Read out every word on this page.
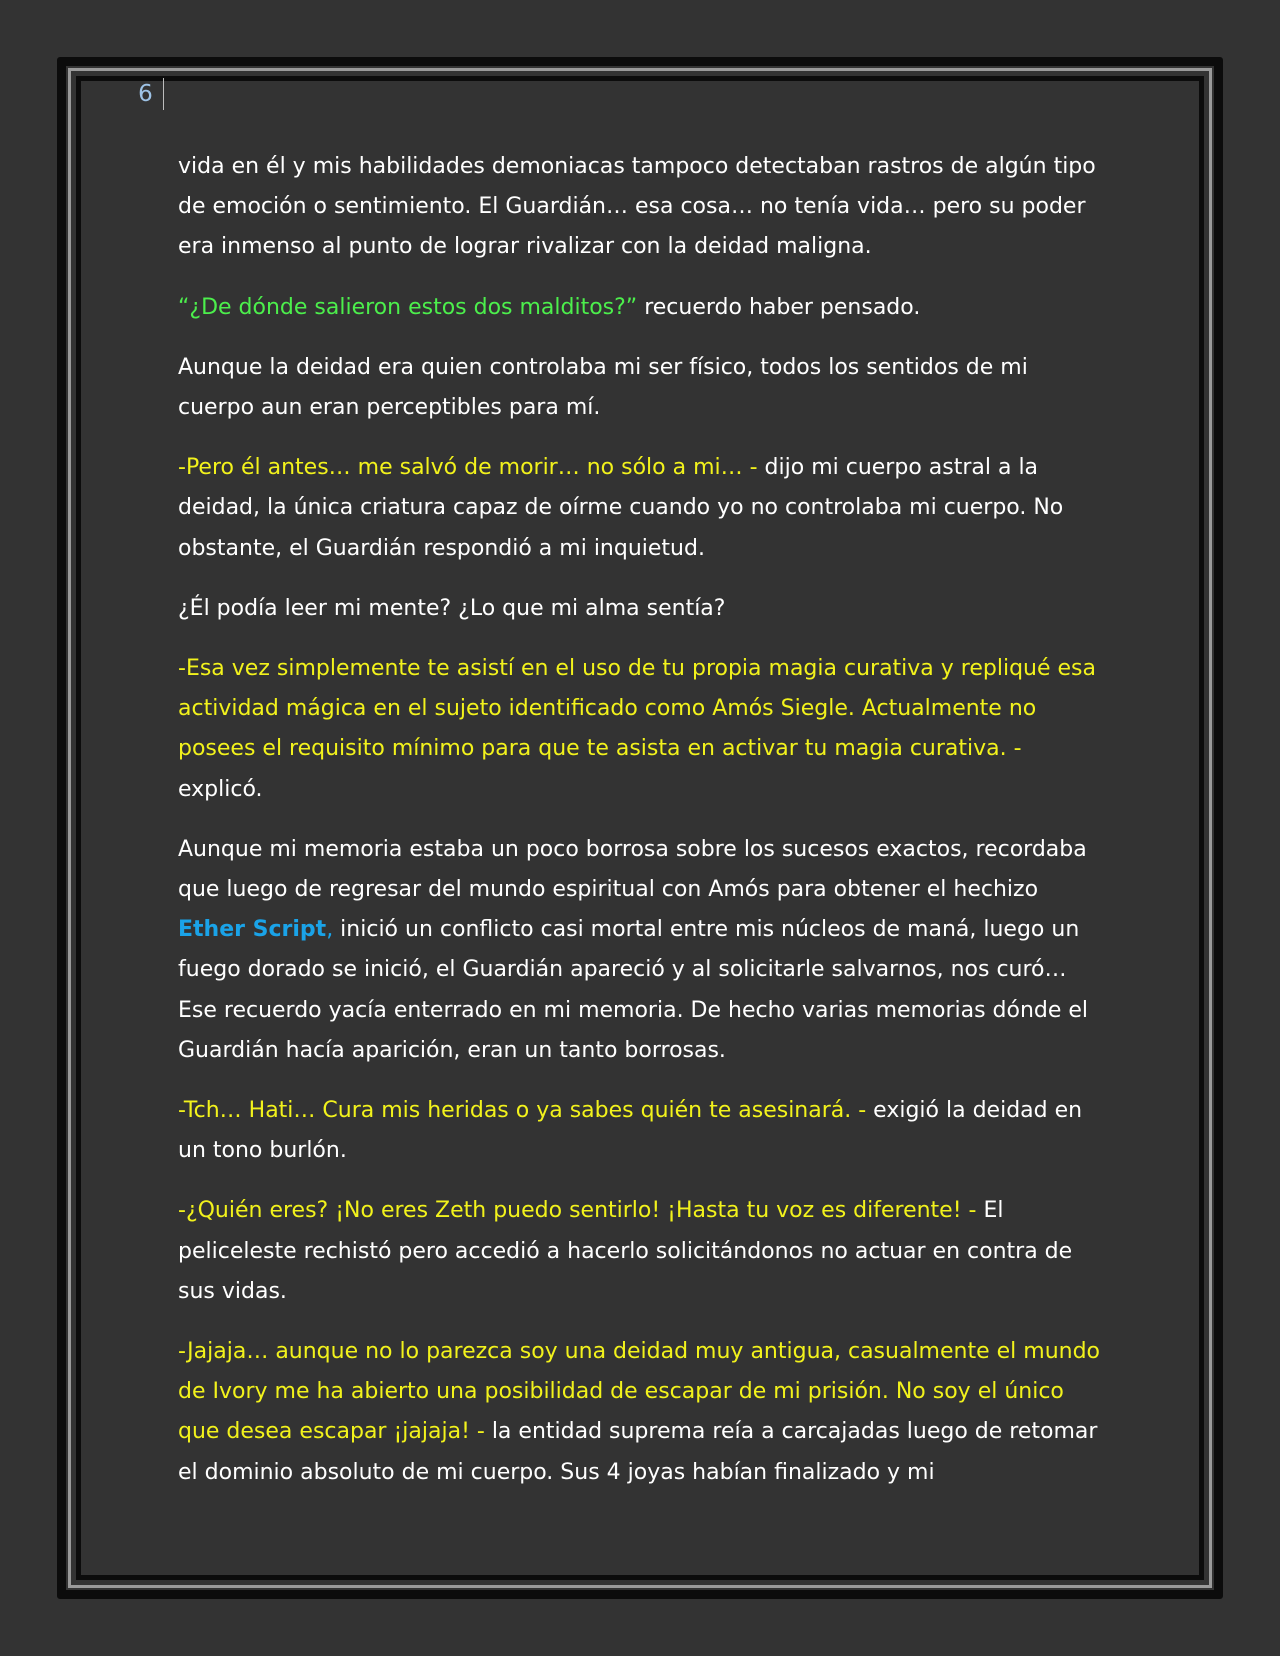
6

vida en él y mis habilidades demoniacas tampoco detectaban rastros de algún tipo de emoción o sentimiento. El Guardián… esa cosa… no tenía vida… pero su poder era inmenso al punto de lograr rivalizar con la deidad maligna.

“¿De dónde salieron estos dos malditos?” recuerdo haber pensado.

Aunque la deidad era quien controlaba mi ser físico, todos los sentidos de mi cuerpo aun eran perceptibles para mí.

-Pero él antes… me salvó de morir… no sólo a mi… - dijo mi cuerpo astral a la deidad, la única criatura capaz de oírme cuando yo no controlaba mi cuerpo. No obstante, el Guardián respondió a mi inquietud.

¿Él podía leer mi mente? ¿Lo que mi alma sentía?

-Esa vez simplemente te asistí en el uso de tu propia magia curativa y repliqué esa actividad mágica en el sujeto identificado como Amós Siegle. Actualmente no posees el requisito mínimo para que te asista en activar tu magia curativa. - explicó.

Aunque mi memoria estaba un poco borrosa sobre los sucesos exactos, recordaba que luego de regresar del mundo espiritual con Amós para obtener el hechizo Ether Script, inició un conflicto casi mortal entre mis núcleos de maná, luego un fuego dorado se inició, el Guardián apareció y al solicitarle salvarnos, nos curó… Ese recuerdo yacía enterrado en mi memoria. De hecho varias memorias dónde el Guardián hacía aparición, eran un tanto borrosas.

-Tch… Hati… Cura mis heridas o ya sabes quién te asesinará. - exigió la deidad en un tono burlón.

-¿Quién eres? ¡No eres Zeth puedo sentirlo! ¡Hasta tu voz es diferente! - El peliceleste rechistó pero accedió a hacerlo solicitándonos no actuar en contra de sus vidas.

-Jajaja… aunque no lo parezca soy una deidad muy antigua, casualmente el mundo de Ivory me ha abierto una posibilidad de escapar de mi prisión. No soy el único que desea escapar ¡jajaja! - la entidad suprema reía a carcajadas luego de retomar el dominio absoluto de mi cuerpo. Sus 4 joyas habían finalizado y mi
